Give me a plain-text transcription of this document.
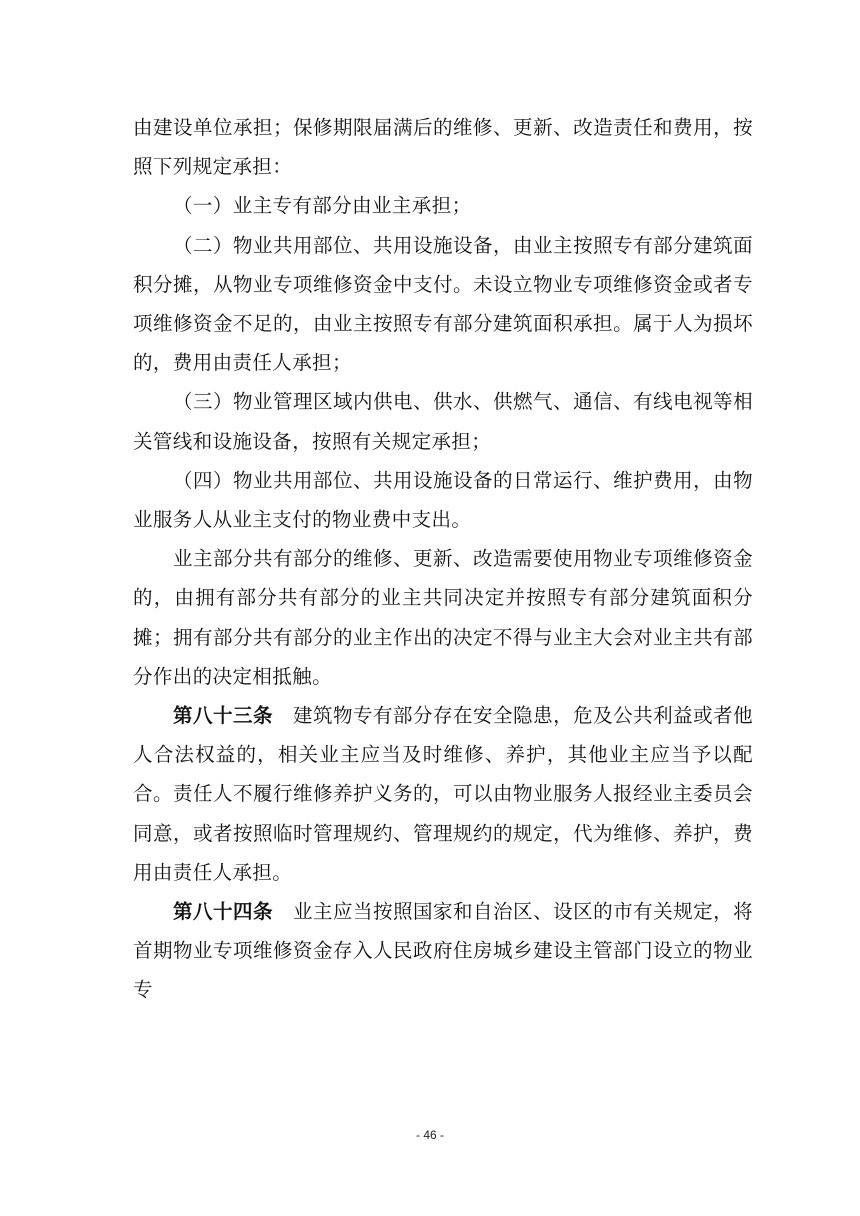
由建设单位承担；保修期限届满后的维修、更新、改造责任和费用，按照下列规定承担：

（一）业主专有部分由业主承担；

（二）物业共用部位、共用设施设备，由业主按照专有部分建筑面积分摊，从物业专项维修资金中支付。未设立物业专项维修资金或者专项维修资金不足的，由业主按照专有部分建筑面积承担。属于人为损坏的，费用由责任人承担；

（三）物业管理区域内供电、供水、供燃气、通信、有线电视等相关管线和设施设备，按照有关规定承担；

（四）物业共用部位、共用设施设备的日常运行、维护费用，由物业服务人从业主支付的物业费中支出。

业主部分共有部分的维修、更新、改造需要使用物业专项维修资金的，由拥有部分共有部分的业主共同决定并按照专有部分建筑面积分摊；拥有部分共有部分的业主作出的决定不得与业主大会对业主共有部分作出的决定相抵触。

第八十三条　 建筑物专有部分存在安全隐患，危及公共利益或者他人合法权益的，相关业主应当及时维修、养护，其他业主应当予以配合。责任人不履行维修养护义务的，可以由物业服务人报经业主委员会同意，或者按照临时管理规约、管理规约的规定，代为维修、养护，费用由责任人承担。

第八十四条　 业主应当按照国家和自治区、设区的市有关规定，将首期物业专项维修资金存入人民政府住房城乡建设主管部门设立的物业专

- 46 -
